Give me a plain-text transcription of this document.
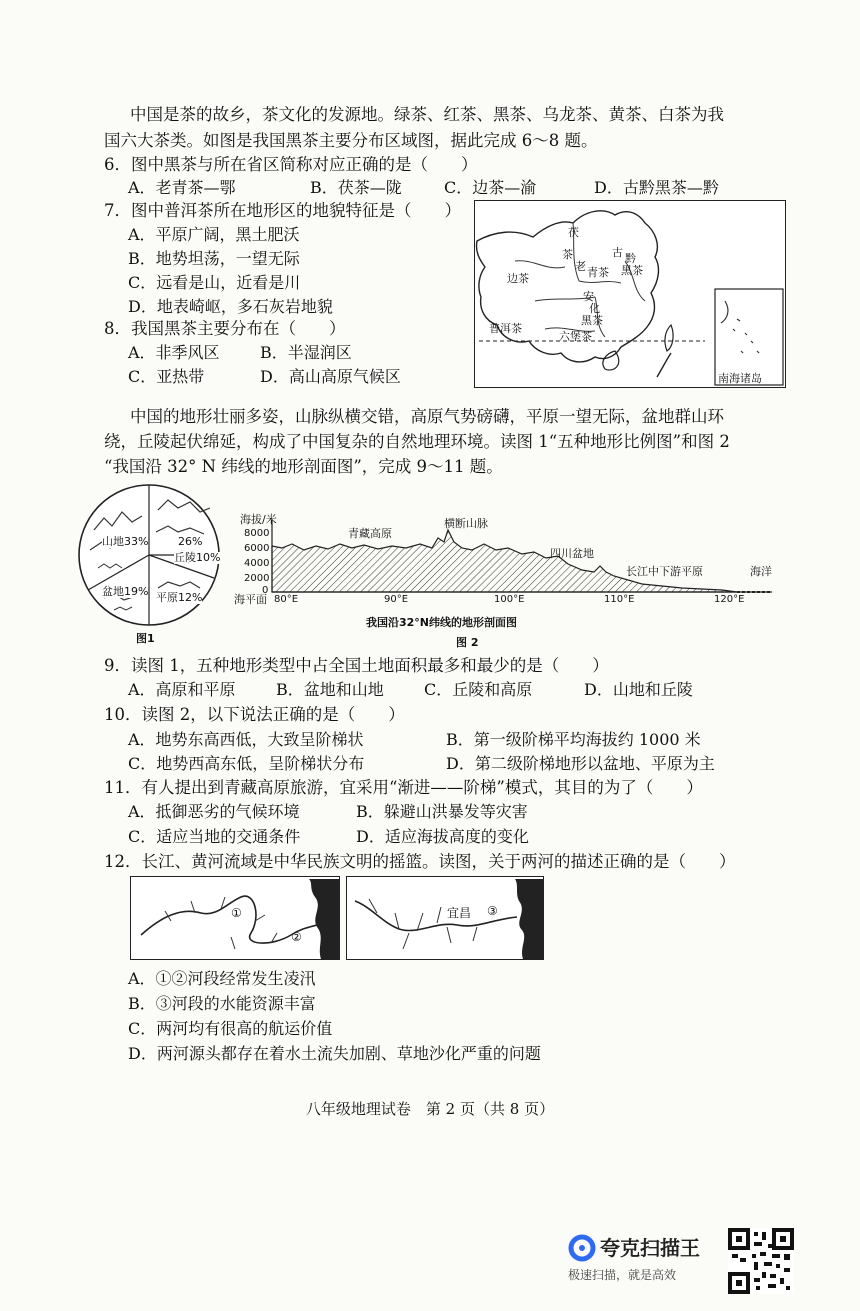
中国是茶的故乡，茶文化的发源地。绿茶、红茶、黑茶、乌龙茶、黄茶、白茶为我
国六大茶类。如图是我国黑茶主要分布区域图，据此完成 6～8 题。
6．图中黑茶与所在省区简称对应正确的是（　　）
A．老青茶—鄂	B．茯茶—陇	C．边茶—渝	D．古黔黑茶—黔
7．图中普洱茶所在地形区的地貌特征是（　　）
A．平原广阔，黑土肥沃
B．地势坦荡，一望无际
C．远看是山，近看是川
D．地表崎岖，多石灰岩地貌
8．我国黑茶主要分布在（　　）
A．非季风区	B．半湿润区
C．亚热带	D．高山高原气候区
茯
茶
老 青茶
古 黔
黑茶
边茶
安
化
黑茶
普洱茶
六堡茶
南海诸岛
中国的地形壮丽多姿，山脉纵横交错，高原气势磅礴，平原一望无际，盆地群山环
绕，丘陵起伏绵延，构成了中国复杂的自然地理环境。读图 1“五种地形比例图”和图 2
“我国沿 32° N 纬线的地形剖面图”，完成 9～11 题。
山地33%	26%
丘陵10%
盆地19% 平原12%
图1
海拔/米
8000
6000
4000
2000
0
海平面 80°E	90°E	100°E	110°E	120°E
青藏高原
横断山脉
四川盆地
长江中下游平原	海洋
我国沿32°N纬线的地形剖面图
图 2
9．读图 1，五种地形类型中占全国土地面积最多和最少的是（　　）
A．高原和平原	B．盆地和山地	C．丘陵和高原	D．山地和丘陵
10．读图 2，以下说法正确的是（　　）
A．地势东高西低，大致呈阶梯状	B．第一级阶梯平均海拔约 1000 米
C．地势西高东低，呈阶梯状分布	D．第二级阶梯地形以盆地、平原为主
11．有人提出到青藏高原旅游，宜采用“渐进——阶梯”模式，其目的为了（　　）
A．抵御恶劣的气候环境	B．躲避山洪暴发等灾害
C．适应当地的交通条件	D．适应海拔高度的变化
12．长江、黄河流域是中华民族文明的摇篮。读图，关于两河的描述正确的是（　　）
①
②
宜昌 ③
A．①②河段经常发生凌汛
B．③河段的水能资源丰富
C．两河均有很高的航运价值
D．两河源头都存在着水土流失加剧、草地沙化严重的问题
八年级地理试卷　第 2 页（共 8 页）
夸克扫描王
极速扫描，就是高效
